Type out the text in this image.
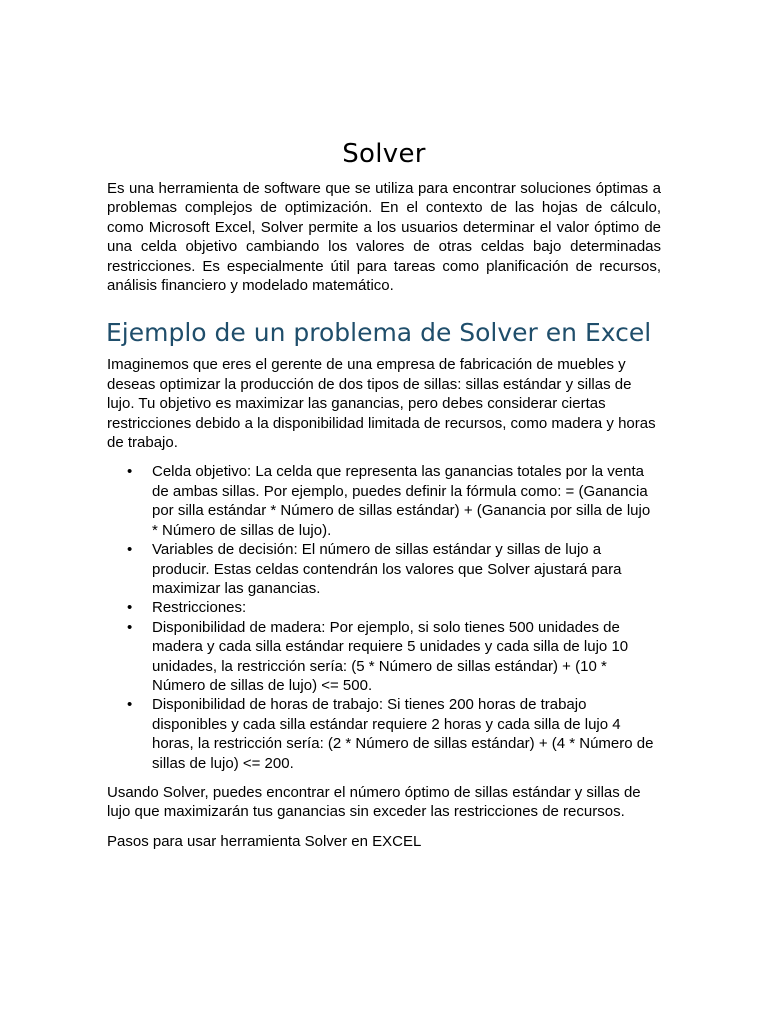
Solver

Es una herramienta de software que se utiliza para encontrar soluciones óptimas a problemas complejos de optimización. En el contexto de las hojas de cálculo, como Microsoft Excel, Solver permite a los usuarios determinar el valor óptimo de una celda objetivo cambiando los valores de otras celdas bajo determinadas restricciones. Es especialmente útil para tareas como planificación de recursos, análisis financiero y modelado matemático.

Ejemplo de un problema de Solver en Excel

Imaginemos que eres el gerente de una empresa de fabricación de muebles y deseas optimizar la producción de dos tipos de sillas: sillas estándar y sillas de lujo. Tu objetivo es maximizar las ganancias, pero debes considerar ciertas restricciones debido a la disponibilidad limitada de recursos, como madera y horas de trabajo.

• Celda objetivo: La celda que representa las ganancias totales por la venta de ambas sillas. Por ejemplo, puedes definir la fórmula como: = (Ganancia por silla estándar * Número de sillas estándar) + (Ganancia por silla de lujo * Número de sillas de lujo).
• Variables de decisión: El número de sillas estándar y sillas de lujo a producir. Estas celdas contendrán los valores que Solver ajustará para maximizar las ganancias.
• Restricciones:
• Disponibilidad de madera: Por ejemplo, si solo tienes 500 unidades de madera y cada silla estándar requiere 5 unidades y cada silla de lujo 10 unidades, la restricción sería: (5 * Número de sillas estándar) + (10 * Número de sillas de lujo) <= 500.
• Disponibilidad de horas de trabajo: Si tienes 200 horas de trabajo disponibles y cada silla estándar requiere 2 horas y cada silla de lujo 4 horas, la restricción sería: (2 * Número de sillas estándar) + (4 * Número de sillas de lujo) <= 200.

Usando Solver, puedes encontrar el número óptimo de sillas estándar y sillas de lujo que maximizarán tus ganancias sin exceder las restricciones de recursos.

Pasos para usar herramienta Solver en EXCEL
